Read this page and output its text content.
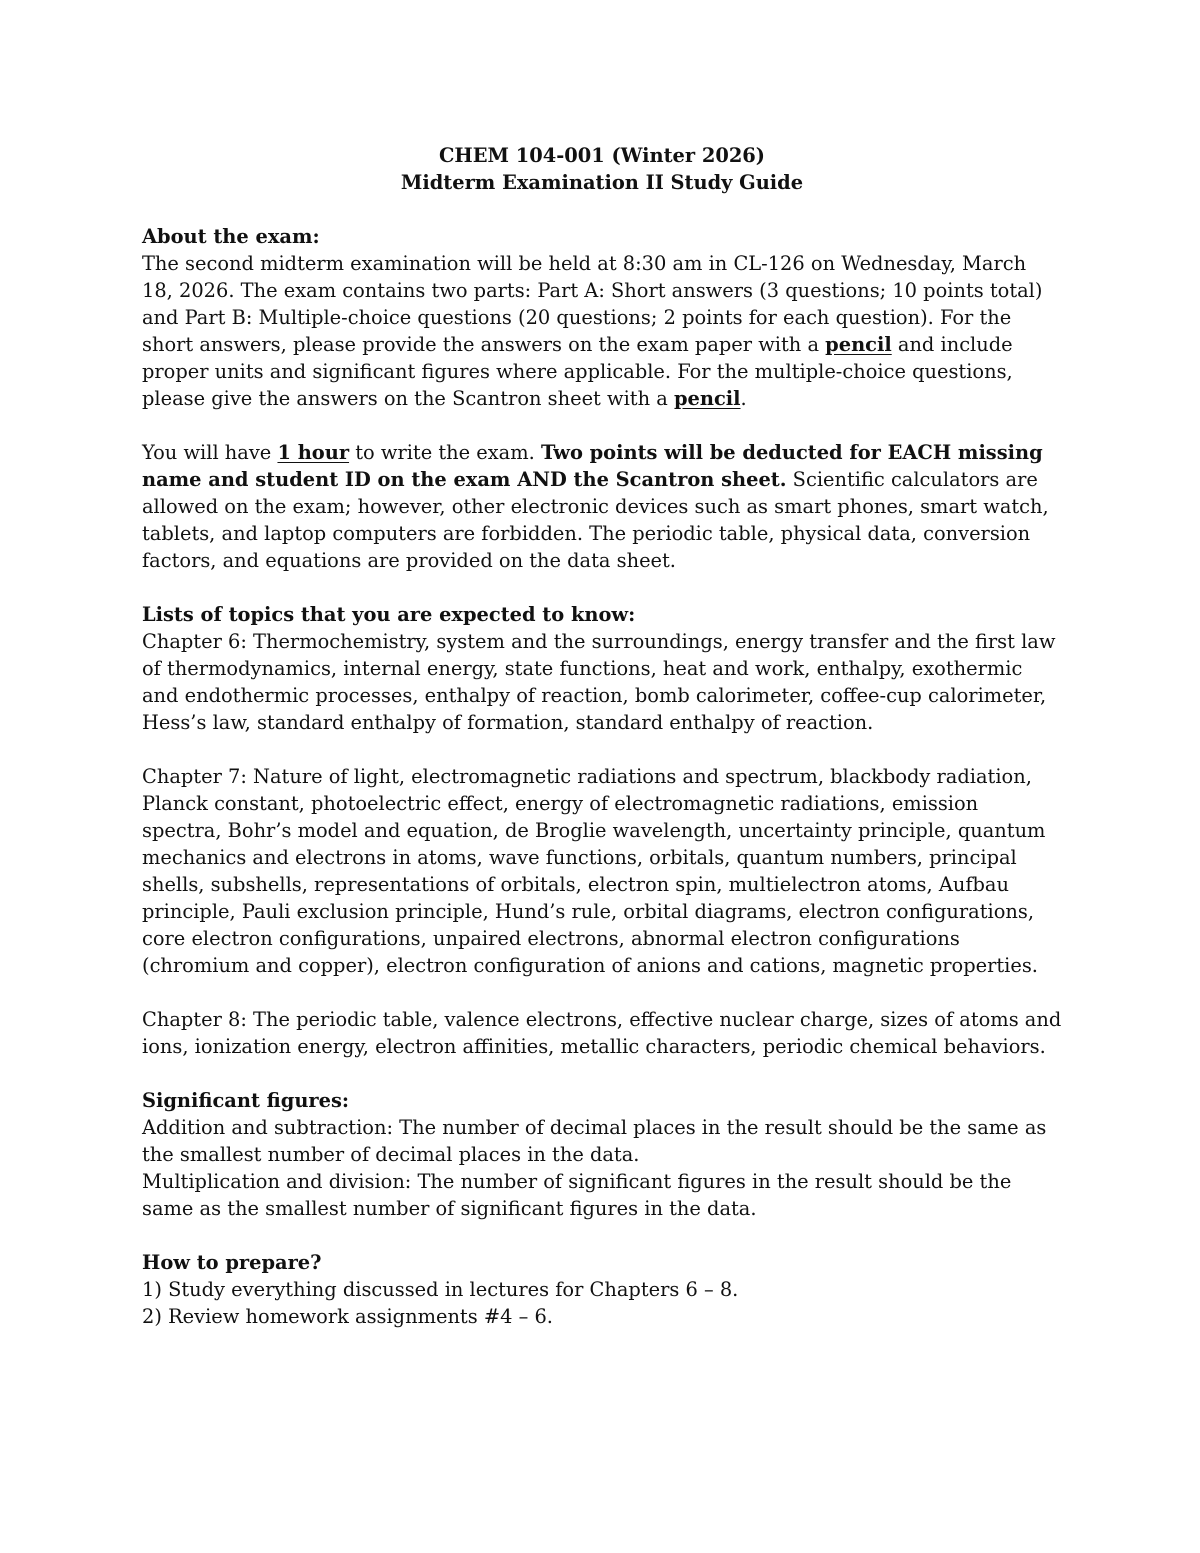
CHEM 104-001 (Winter 2026)

Midterm Examination II Study Guide

About the exam:

The second midterm examination will be held at 8:30 am in CL-126 on Wednesday, March 18, 2026. The exam contains two parts: Part A: Short answers (3 questions; 10 points total) and Part B: Multiple-choice questions (20 questions; 2 points for each question). For the short answers, please provide the answers on the exam paper with a pencil and include proper units and significant figures where applicable. For the multiple-choice questions, please give the answers on the Scantron sheet with a pencil.

You will have 1 hour to write the exam. Two points will be deducted for EACH missing name and student ID on the exam AND the Scantron sheet. Scientific calculators are allowed on the exam; however, other electronic devices such as smart phones, smart watch, tablets, and laptop computers are forbidden. The periodic table, physical data, conversion factors, and equations are provided on the data sheet.

Lists of topics that you are expected to know:

Chapter 6: Thermochemistry, system and the surroundings, energy transfer and the first law of thermodynamics, internal energy, state functions, heat and work, enthalpy, exothermic and endothermic processes, enthalpy of reaction, bomb calorimeter, coffee-cup calorimeter, Hess’s law, standard enthalpy of formation, standard enthalpy of reaction.

Chapter 7: Nature of light, electromagnetic radiations and spectrum, blackbody radiation, Planck constant, photoelectric effect, energy of electromagnetic radiations, emission spectra, Bohr’s model and equation, de Broglie wavelength, uncertainty principle, quantum mechanics and electrons in atoms, wave functions, orbitals, quantum numbers, principal shells, subshells, representations of orbitals, electron spin, multielectron atoms, Aufbau principle, Pauli exclusion principle, Hund’s rule, orbital diagrams, electron configurations, core electron configurations, unpaired electrons, abnormal electron configurations (chromium and copper), electron configuration of anions and cations, magnetic properties.

Chapter 8: The periodic table, valence electrons, effective nuclear charge, sizes of atoms and ions, ionization energy, electron affinities, metallic characters, periodic chemical behaviors.

Significant figures:

Addition and subtraction: The number of decimal places in the result should be the same as the smallest number of decimal places in the data.

Multiplication and division: The number of significant figures in the result should be the same as the smallest number of significant figures in the data.

How to prepare?

1) Study everything discussed in lectures for Chapters 6 – 8.

2) Review homework assignments #4 – 6.
